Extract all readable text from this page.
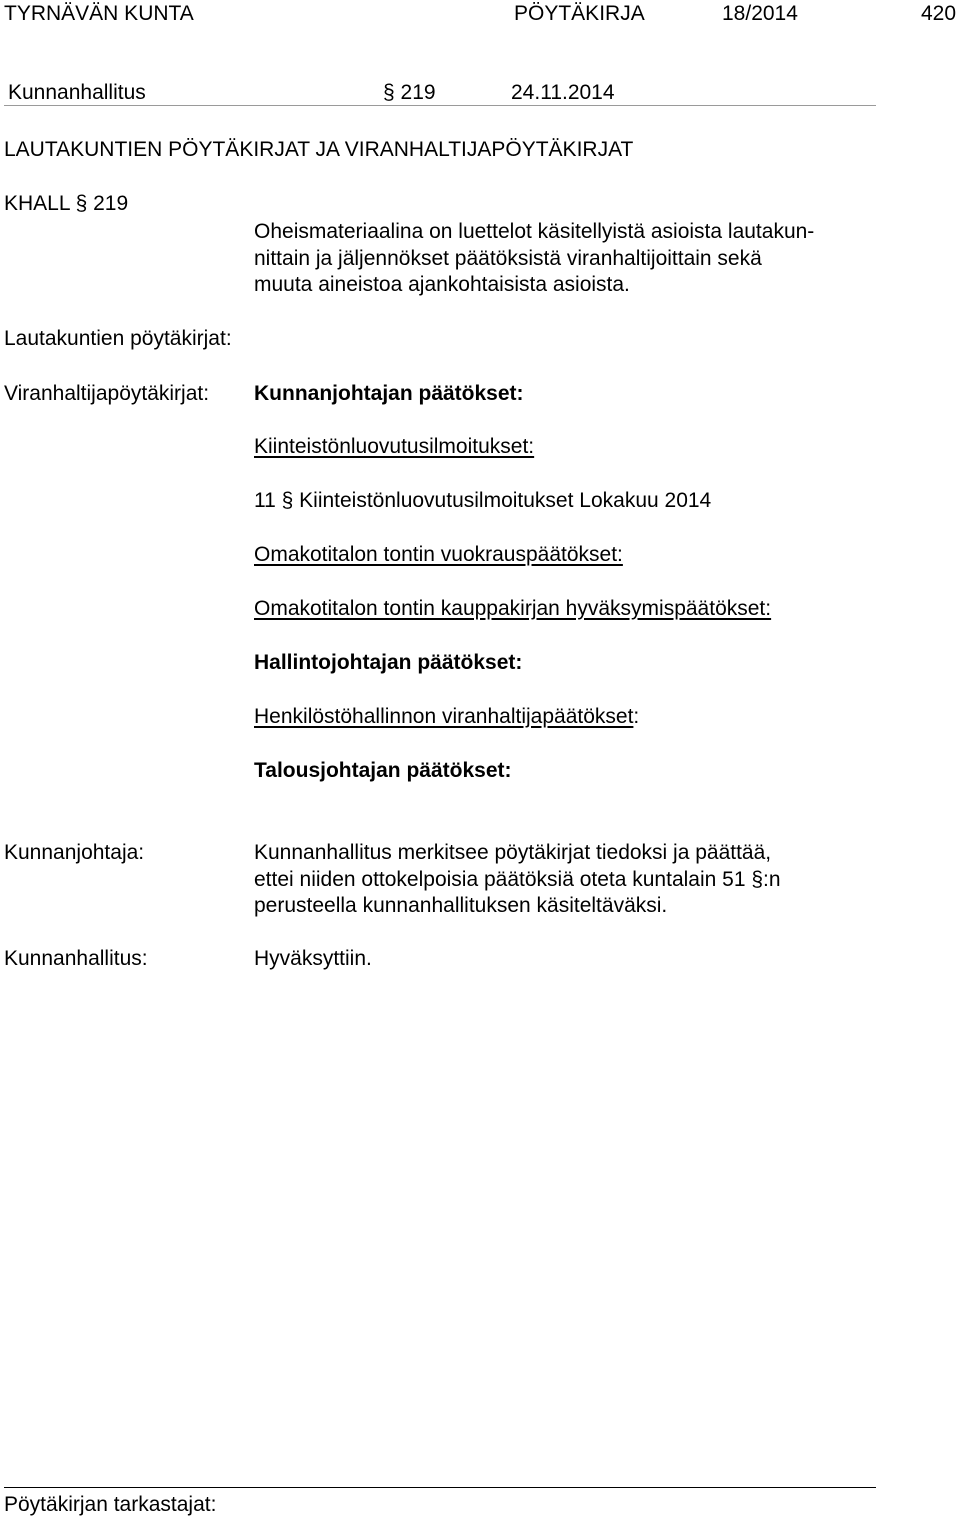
TYRNÄVÄN KUNTA	PÖYTÄKIRJA	18/2014	420
Kunnanhallitus	§ 219	24.11.2014
LAUTAKUNTIEN PÖYTÄKIRJAT JA VIRANHALTIJAPÖYTÄKIRJAT
KHALL § 219
Oheismateriaalina on luettelot käsitellyistä asioista lautakun-
nittain ja jäljennökset päätöksistä viranhaltijoittain sekä
muuta aineistoa ajankohtaisista asioista.
Lautakuntien pöytäkirjat:
Viranhaltijapöytäkirjat: Kunnanjohtajan päätökset:
Kiinteistönluovutusilmoitukset:
11 § Kiinteistönluovutusilmoitukset Lokakuu 2014
Omakotitalon tontin vuokrauspäätökset:
Omakotitalon tontin kauppakirjan hyväksymispäätökset:
Hallintojohtajan päätökset:
Henkilöstöhallinnon viranhaltijapäätökset:
Talousjohtajan päätökset:
Kunnanjohtaja:	Kunnanhallitus merkitsee pöytäkirjat tiedoksi ja päättää,
ettei niiden ottokelpoisia päätöksiä oteta kuntalain 51 §:n
perusteella kunnanhallituksen käsiteltäväksi.
Kunnanhallitus:	Hyväksyttiin.
Pöytäkirjan tarkastajat:
